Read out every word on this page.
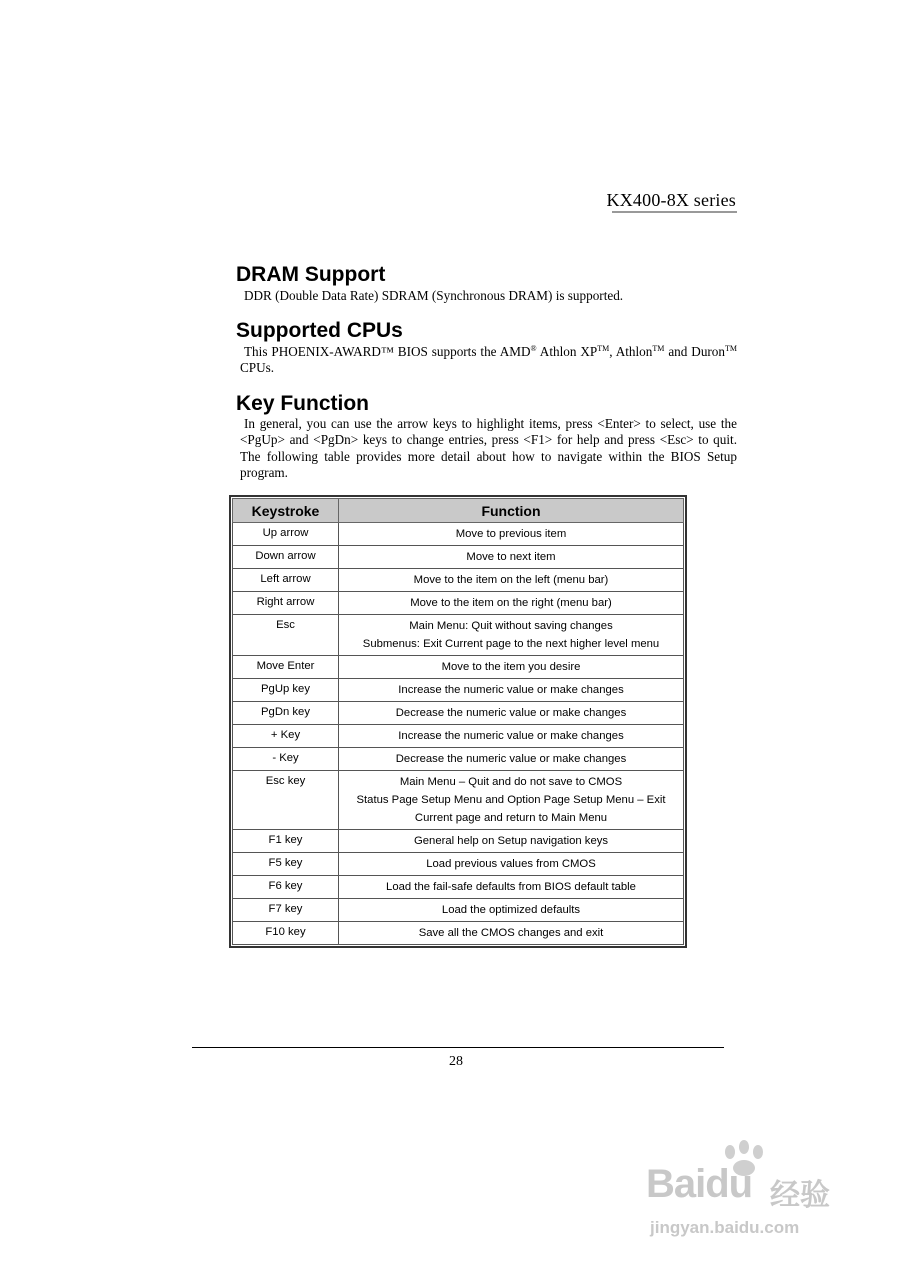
KX400-8X series
DRAM Support
DDR (Double Data Rate) SDRAM (Synchronous DRAM) is supported.
Supported CPUs
This PHOENIX-AWARD™ BIOS supports the AMD® Athlon XP™, Athlon™ and Duron™ CPUs.
Key Function
In general, you can use the arrow keys to highlight items, press <Enter> to select, use the <PgUp> and <PgDn> keys to change entries, press <F1> for help and press <Esc> to quit. The following table provides more detail about how to navigate within the BIOS Setup program.
Keystroke	Function
Up arrow	Move to previous item

Down arrow	Move to next item

Left arrow	Move to the item on the left (menu bar)

Right arrow	Move to the item on the right (menu bar)

Esc	Main Menu: Quit without saving changes
Submenus: Exit Current page to the next higher level menu

Move Enter	Move to the item you desire

PgUp key	Increase the numeric value or make changes

PgDn key	Decrease the numeric value or make changes

+ Key	Increase the numeric value or make changes

- Key	Decrease the numeric value or make changes

Esc key	Main Menu – Quit and do not save to CMOS
Status Page Setup Menu and Option Page Setup Menu – Exit
Current page and return to Main Menu

F1 key	General help on Setup navigation keys

F5 key	Load previous values from CMOS

F6 key	Load the fail-safe defaults from BIOS default table

F7 key	Load the optimized defaults

F10 key	Save all the CMOS changes and exit
28
Baidu 经验
jingyan.baidu.com
